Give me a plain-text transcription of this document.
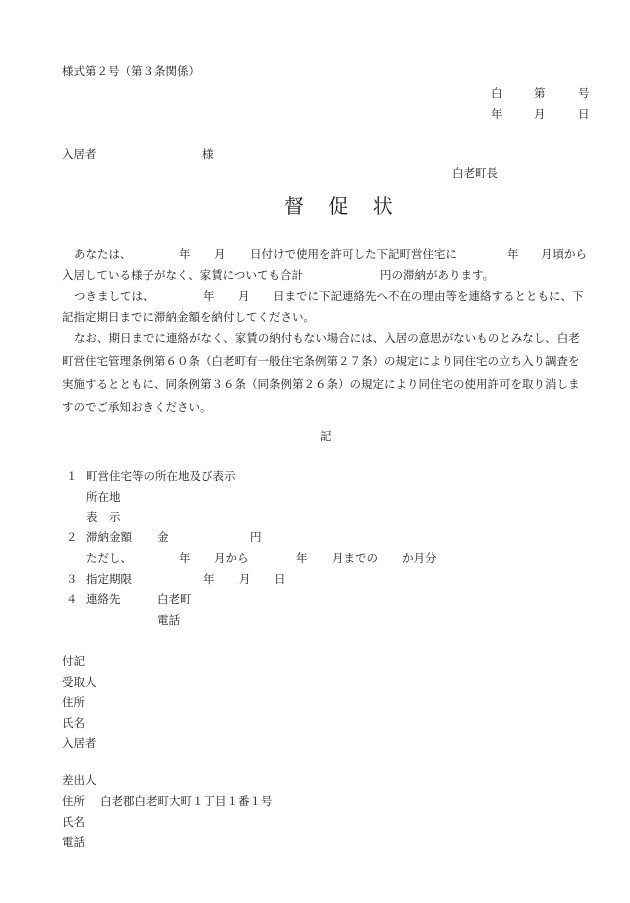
様式第２号（第３条関係）
白	第	号
年	月	日
入居者	様
白老町長
督 促 状
あなたは、	年 月 日付けで使用を許可した下記町営住宅に	年 月頃から
入居している様子がなく、家賃についても合計	円の滞納があります。
つきましては、	年 月 日までに下記連絡先へ不在の理由等を連絡するとともに、下
記指定期日までに滞納金額を納付してください。
なお、期日までに連絡がなく、家賃の納付もない場合には、入居の意思がないものとみなし、白老町営住宅管理条例第６０条（白老町有一般住宅条例第２７条）の規定により同住宅の立ち入り調査を実施するとともに、同条例第３６条（同条例第２６条）の規定により同住宅の使用許可を取り消しますのでご承知おきください。
記
１ 町営住宅等の所在地及び表示
所在地
表　示
２ 滞納金額 金	円
ただし、	年 月から	年 月までの か月分
３ 指定期限	年 月 日
４ 連絡先	白老町
電話
付記
受取人
住所
氏名
入居者
差出人
住所 白老郡白老町大町１丁目１番１号
氏名
電話
